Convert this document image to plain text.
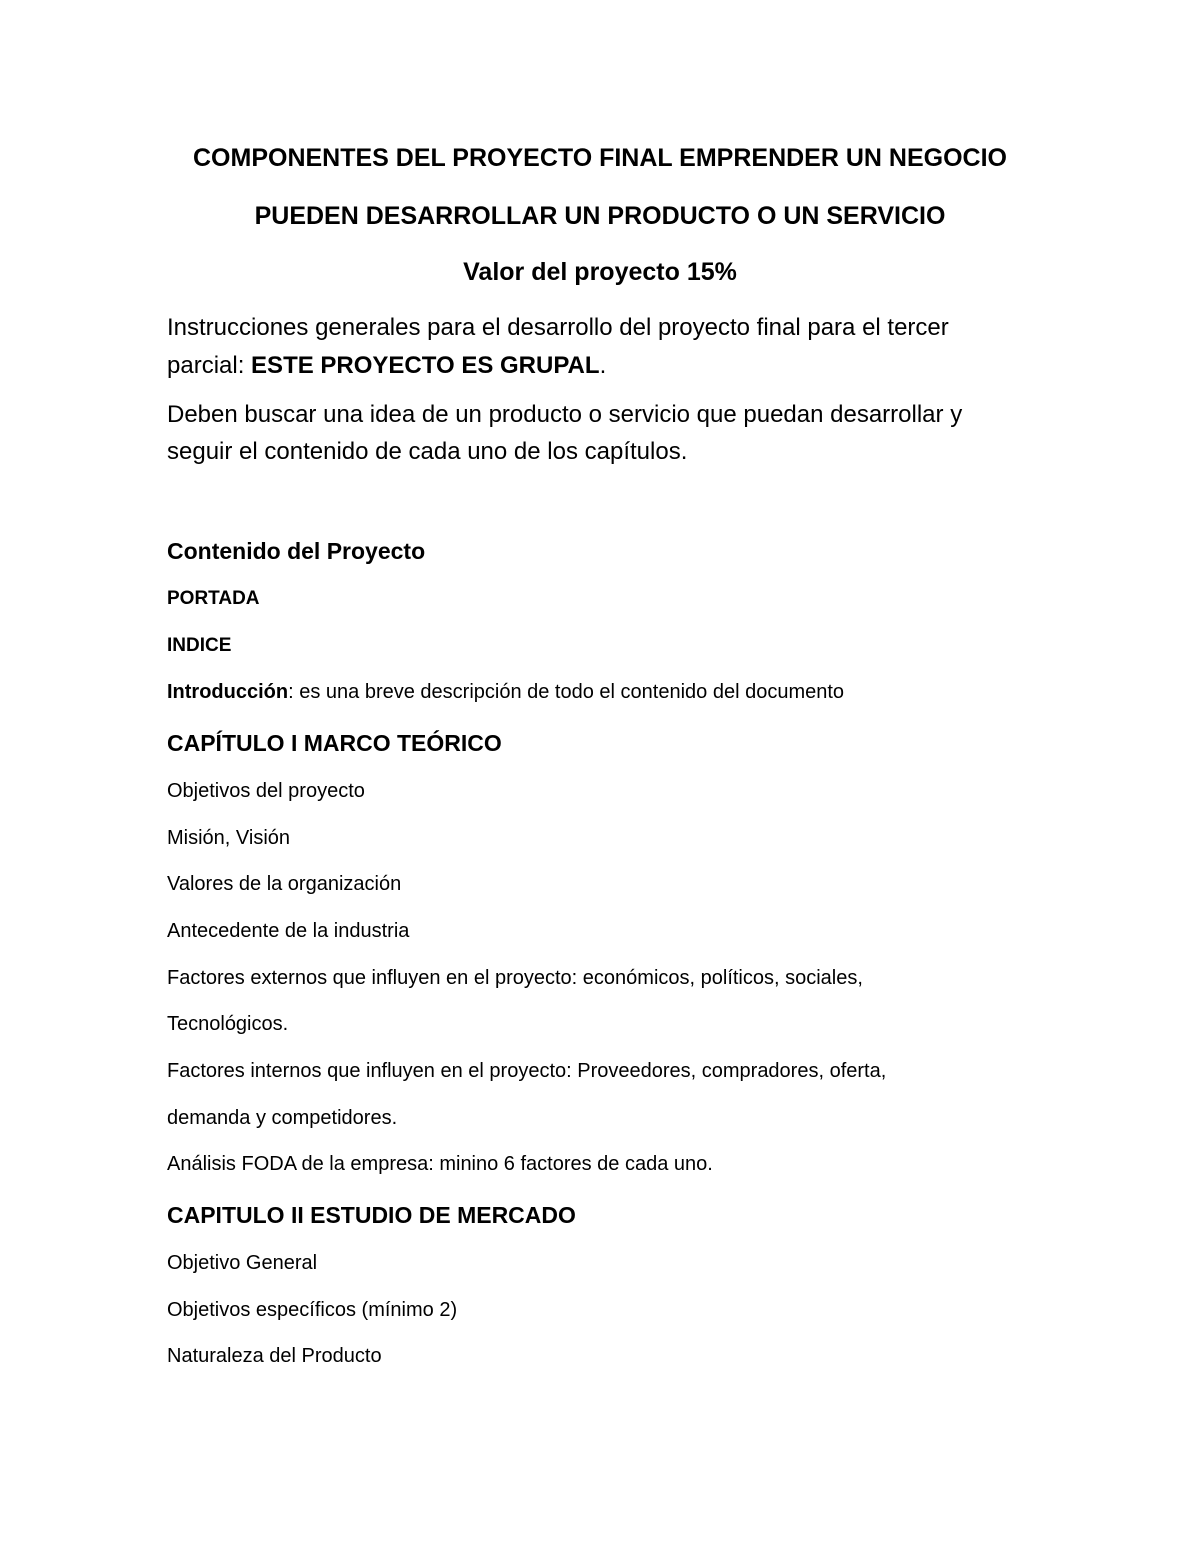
COMPONENTES DEL PROYECTO FINAL EMPRENDER UN NEGOCIO

PUEDEN DESARROLLAR UN PRODUCTO O UN SERVICIO

Valor del proyecto 15%

Instrucciones generales para el desarrollo del proyecto final para el tercer

parcial: ESTE PROYECTO ES GRUPAL.

Deben buscar una idea de un producto o servicio que puedan desarrollar y

seguir el contenido de cada uno de los capítulos.

Contenido del Proyecto

PORTADA

INDICE

Introducción: es una breve descripción de todo el contenido del documento

CAPÍTULO I MARCO TEÓRICO

Objetivos del proyecto

Misión, Visión

Valores de la organización

Antecedente de la industria

Factores externos que influyen en el proyecto: económicos, políticos, sociales,

Tecnológicos.

Factores internos que influyen en el proyecto: Proveedores, compradores, oferta,

demanda y competidores.

Análisis FODA de la empresa: minino 6 factores de cada uno.

CAPITULO II ESTUDIO DE MERCADO

Objetivo General

Objetivos específicos (mínimo 2)

Naturaleza del Producto
